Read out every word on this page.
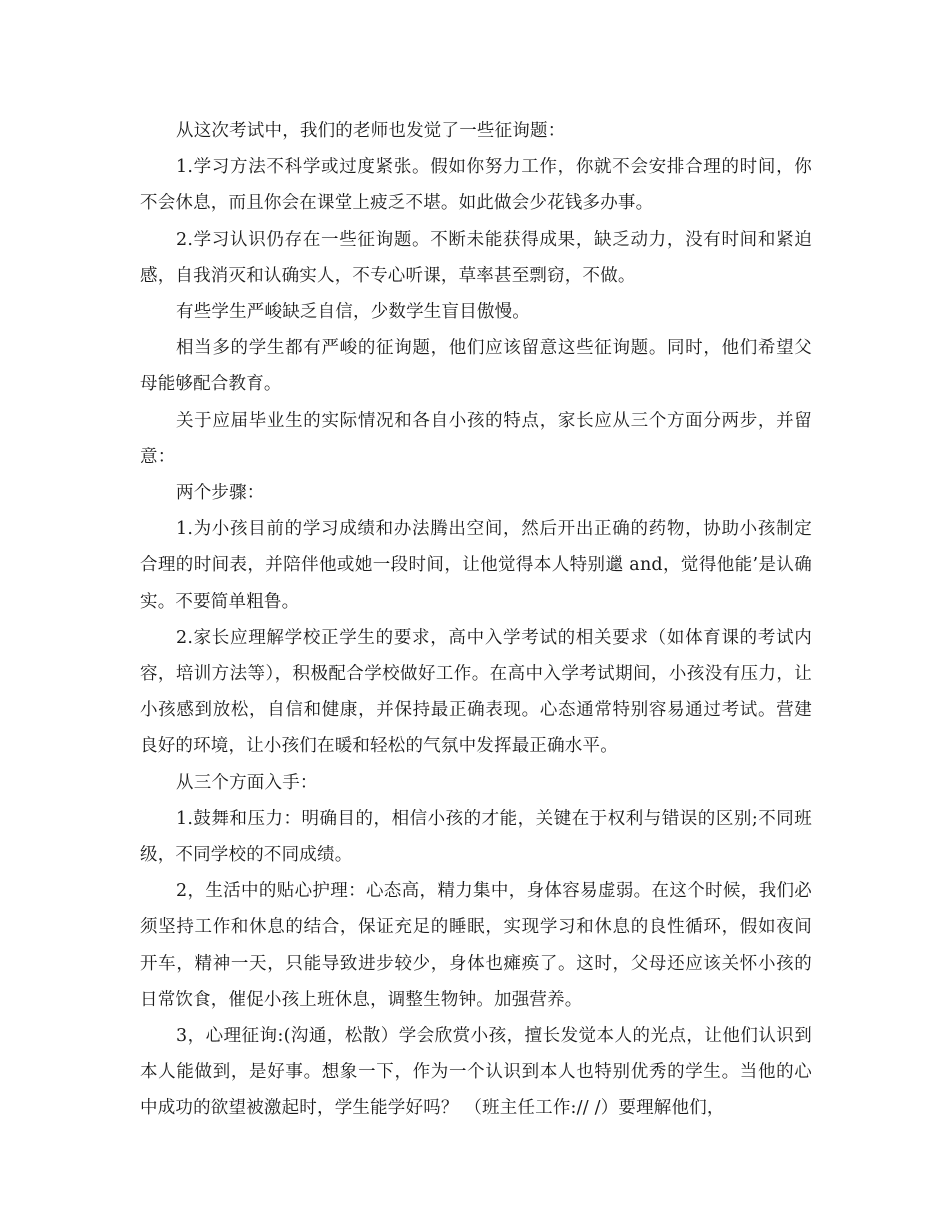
从这次考试中，我们的老师也发觉了一些征询题：

1.学习方法不科学或过度紧张。假如你努力工作，你就不会安排合理的时间，你不会休息，而且你会在课堂上疲乏不堪。如此做会少花钱多办事。

2.学习认识仍存在一些征询题。不断未能获得成果，缺乏动力，没有时间和紧迫感，自我消灭和认确实人，不专心听课，草率甚至剽窃，不做。

有些学生严峻缺乏自信，少数学生盲目傲慢。

相当多的学生都有严峻的征询题，他们应该留意这些征询题。同时，他们希望父母能够配合教育。

关于应届毕业生的实际情况和各自小孩的特点，家长应从三个方面分两步，并留意：

两个步骤：

1.为小孩目前的学习成绩和办法腾出空间，然后开出正确的药物，协助小孩制定合理的时间表，并陪伴他或她一段时间，让他觉得本人特别邋 and，觉得他能’是认确实。不要简单粗鲁。

2.家长应理解学校正学生的要求，高中入学考试的相关要求（如体育课的考试内容，培训方法等），积极配合学校做好工作。在高中入学考试期间，小孩没有压力，让小孩感到放松，自信和健康，并保持最正确表现。心态通常特别容易通过考试。营建良好的环境，让小孩们在暖和轻松的气氛中发挥最正确水平。

从三个方面入手：

1.鼓舞和压力：明确目的，相信小孩的才能，关键在于权利与错误的区别;不同班级，不同学校的不同成绩。

2，生活中的贴心护理：心态高，精力集中，身体容易虚弱。在这个时候，我们必须坚持工作和休息的结合，保证充足的睡眠，实现学习和休息的良性循环，假如夜间开车，精神一天，只能导致进步较少，身体也瘫痪了。这时，父母还应该关怀小孩的日常饮食，催促小孩上班休息，调整生物钟。加强营养。

3，心理征询:(沟通，松散）学会欣赏小孩，擅长发觉本人的光点，让他们认识到本人能做到，是好事。想象一下，作为一个认识到本人也特别优秀的学生。当他的心中成功的欲望被激起时，学生能学好吗？ （班主任工作:// /）要理解他们，
